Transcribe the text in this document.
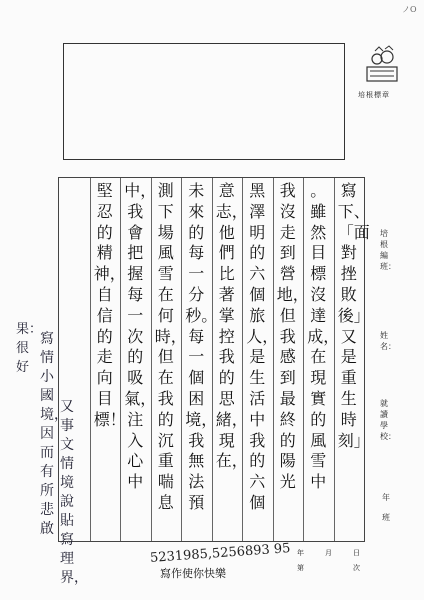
ノO
培根標章
寫下、「面對挫敗後」又是重生時刻」
。雖然目標沒達成，在現實的風雪中
我沒走到營地，但我感到最終的陽光
黑澤明的六個旅人，是生活中我的六個
意志，他們比著掌控我的思緒，現在，
未來的每一分秒。每一個困境，我無法預
測下場風雪在何時，但在我的沉重喘息
中，我會把握每一次的吸氣，注入心中
堅忍的精神，自信的走向目標！
培根編班：
姓名：
就讀學校：
年
班
又事文情境說貼寫理界，
寫情小國境，因而有所悲啟
果：很好
5231985,5256893 95
寫作使你快樂
年	月	日
第	次
